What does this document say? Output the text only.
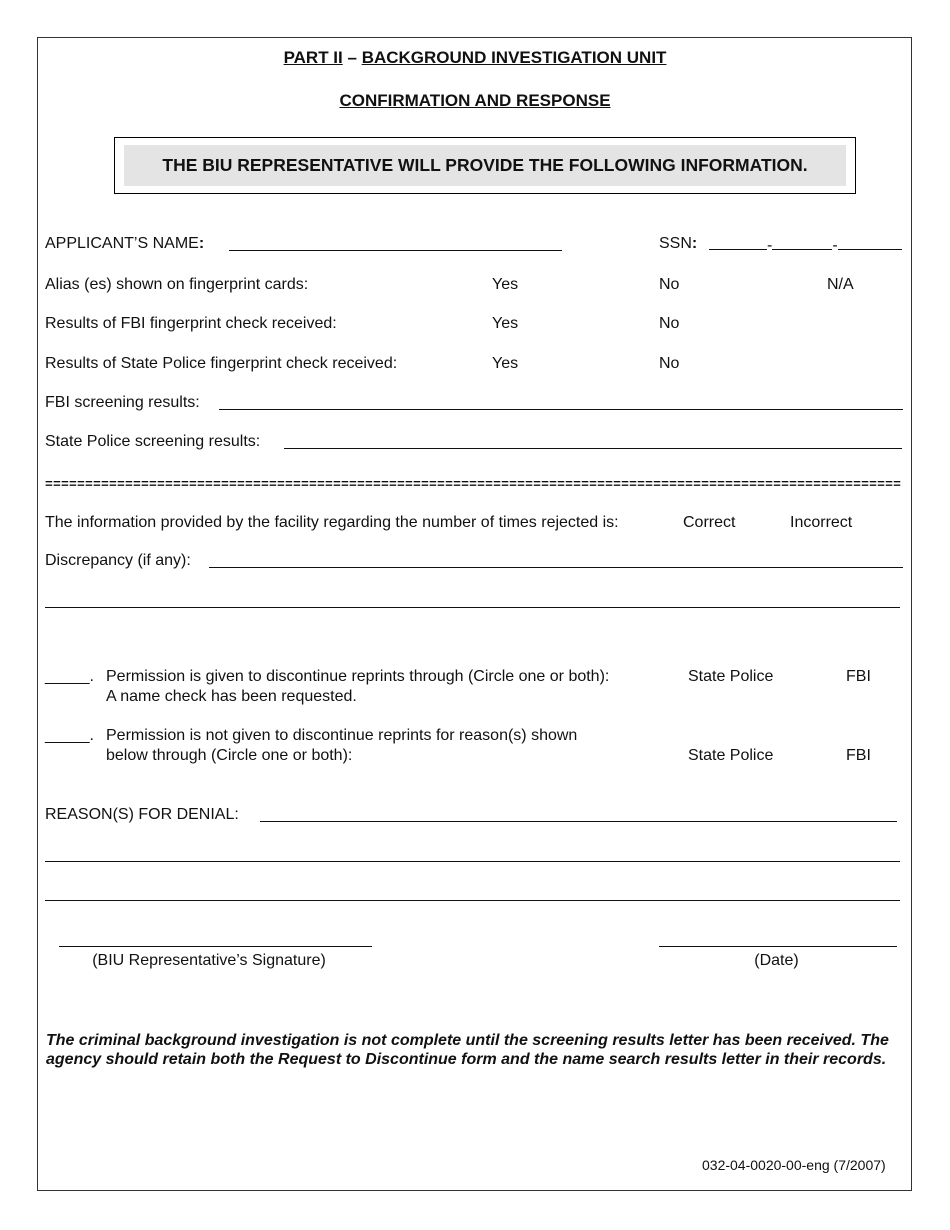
PART II – BACKGROUND INVESTIGATION UNIT
CONFIRMATION AND RESPONSE
THE BIU REPRESENTATIVE WILL PROVIDE THE FOLLOWING INFORMATION.
APPLICANT’S NAME:	SSN:	-	-
Alias (es) shown on fingerprint cards:	Yes	No	N/A
Results of FBI fingerprint check received:	Yes	No
Results of State Police fingerprint check received:	Yes	No
FBI screening results:
State Police screening results:
===========================================================================================================
The information provided by the facility regarding the number of times rejected is:	Correct	Incorrect
Discrepancy (if any):
_____. Permission is given to discontinue reprints through (Circle one or both):
A name check has been requested.
State Police	FBI
_____. Permission is not given to discontinue reprints for reason(s) shown
below through (Circle one or both):	State Police	FBI
REASON(S) FOR DENIAL:
(BIU Representative’s Signature)	(Date)
The criminal background investigation is not complete until the screening results letter has been received. The agency should retain both the Request to Discontinue form and the name search results letter in their records.
032-04-0020-00-eng (7/2007)
